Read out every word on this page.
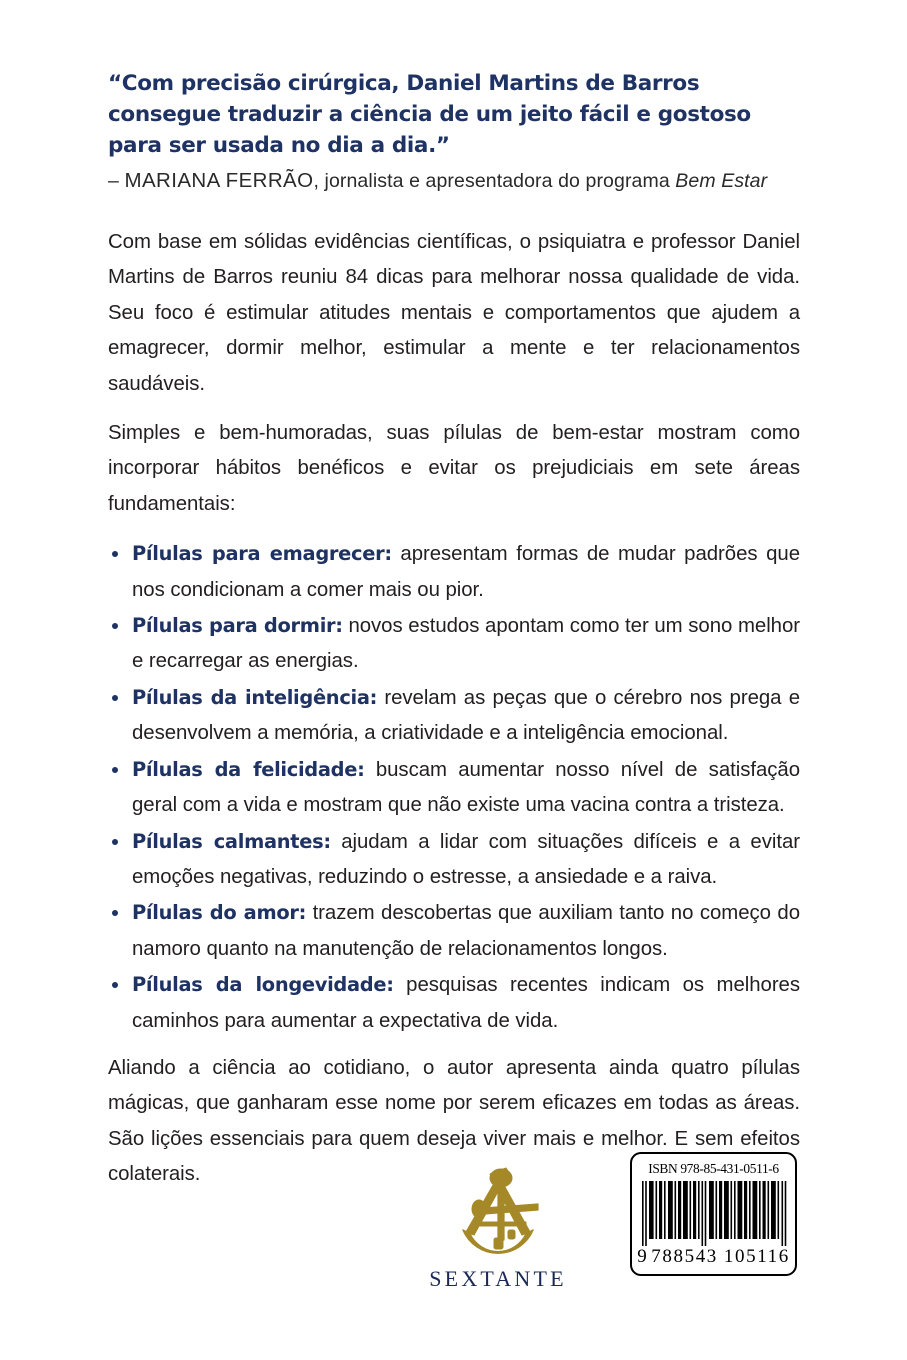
“Com precisão cirúrgica, Daniel Martins de Barros consegue traduzir a ciência de um jeito fácil e gostoso para ser usada no dia a dia.”
– MARIANA FERRÃO, jornalista e apresentadora do programa Bem Estar

Com base em sólidas evidências científicas, o psiquiatra e professor Daniel Martins de Barros reuniu 84 dicas para melhorar nossa qualidade de vida. Seu foco é estimular atitudes mentais e comportamentos que ajudem a emagrecer, dormir melhor, estimular a mente e ter relacionamentos saudáveis.

Simples e bem-humoradas, suas pílulas de bem-estar mostram como incorporar hábitos benéficos e evitar os prejudiciais em sete áreas fundamentais:

Pílulas para emagrecer: apresentam formas de mudar padrões que nos condicionam a comer mais ou pior.
Pílulas para dormir: novos estudos apontam como ter um sono melhor e recarregar as energias.
Pílulas da inteligência: revelam as peças que o cérebro nos prega e desenvolvem a memória, a criatividade e a inteligência emocional.
Pílulas da felicidade: buscam aumentar nosso nível de satisfação geral com a vida e mostram que não existe uma vacina contra a tristeza.
Pílulas calmantes: ajudam a lidar com situações difíceis e a evitar emoções negativas, reduzindo o estresse, a ansiedade e a raiva.
Pílulas do amor: trazem descobertas que auxiliam tanto no começo do namoro quanto na manutenção de relacionamentos longos.
Pílulas da longevidade: pesquisas recentes indicam os melhores caminhos para aumentar a expectativa de vida.

Aliando a ciência ao cotidiano, o autor apresenta ainda quatro pílulas mágicas, que ganharam esse nome por serem eficazes em todas as áreas. São lições essenciais para quem deseja viver mais e melhor. E sem efeitos colaterais.

SEXTANTE
ISBN 978-85-431-0511-6
9 788543 105116
